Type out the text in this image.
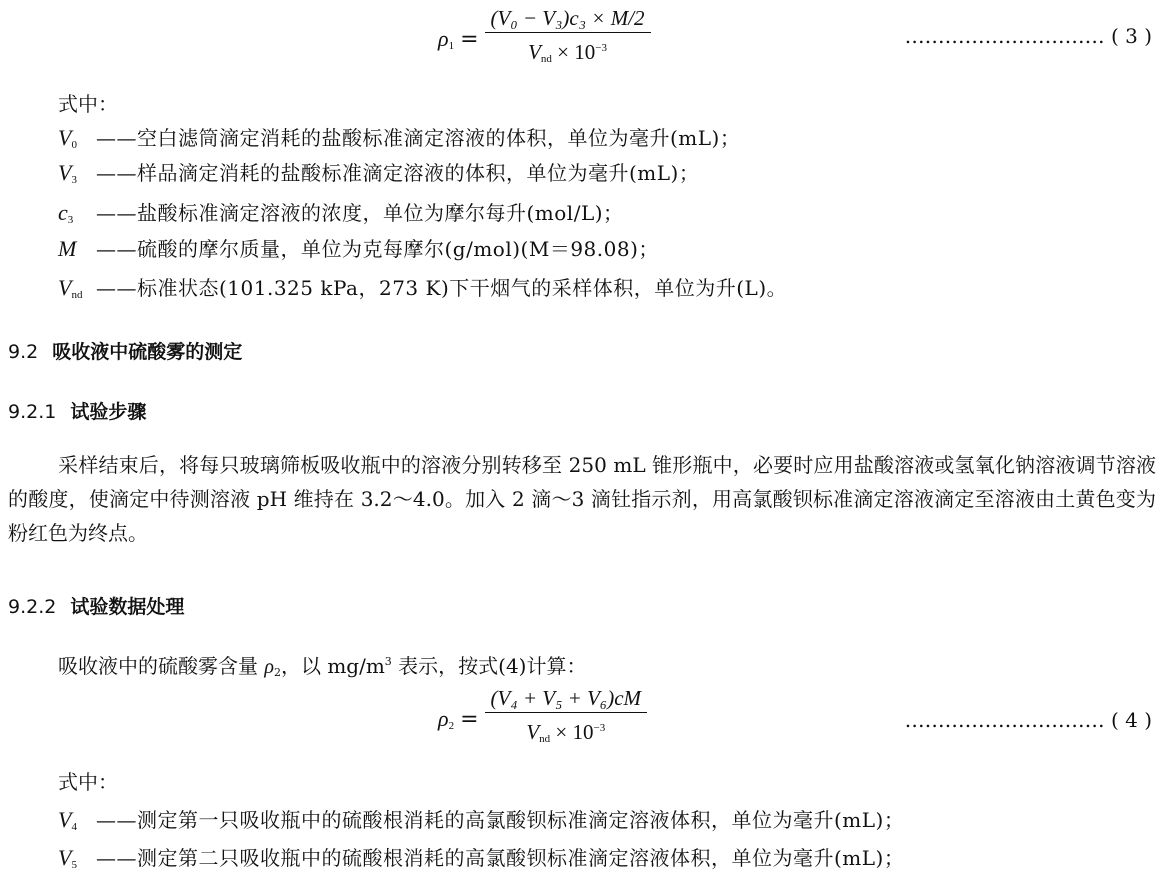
$\rho_1 = \frac{\text{(V₀ − V₃)c₃ × M/2}}{V_{nd} \times 10^{-3}}$	………………………… ( 3 )
式中：
$V_0$ ——空白滤筒滴定消耗的盐酸标准滴定溶液的体积，单位为毫升(mL)；
$V_3$ ——样品滴定消耗的盐酸标准滴定溶液的体积，单位为毫升(mL)；
$c_3$ ——盐酸标准滴定溶液的浓度，单位为摩尔每升(mol/L)；
M ——硫酸的摩尔质量，单位为克每摩尔(g/mol)(M＝98.08)；
$V_{nd}$ ——标准状态(101.325 kPa，273 K)下干烟气的采样体积，单位为升(L)。
9.2 吸收液中硫酸雾的测定
9.2.1 试验步骤
采样结束后，将每只玻璃筛板吸收瓶中的溶液分别转移至 250 mL 锥形瓶中，必要时应用盐酸溶液或氢氧化钠溶液调节溶液的酸度，使滴定中待测溶液 pH 维持在 3.2～4.0。加入 2 滴～3 滴钍指示剂，用高氯酸钡标准滴定溶液滴定至溶液由土黄色变为粉红色为终点。
9.2.2 试验数据处理
吸收液中的硫酸雾含量 $\rho_2$，以 $mg/m^3$ 表示，按式(4)计算：
$\rho_2 = \frac{\text{(V₄ + V₅ + V₆)cM}}{V_{nd} \times 10^{-3}}$	………………………… ( 4 )
式中：
$V_4$ ——测定第一只吸收瓶中的硫酸根消耗的高氯酸钡标准滴定溶液体积，单位为毫升(mL)；
$V_5$ ——测定第二只吸收瓶中的硫酸根消耗的高氯酸钡标准滴定溶液体积，单位为毫升(mL)；
